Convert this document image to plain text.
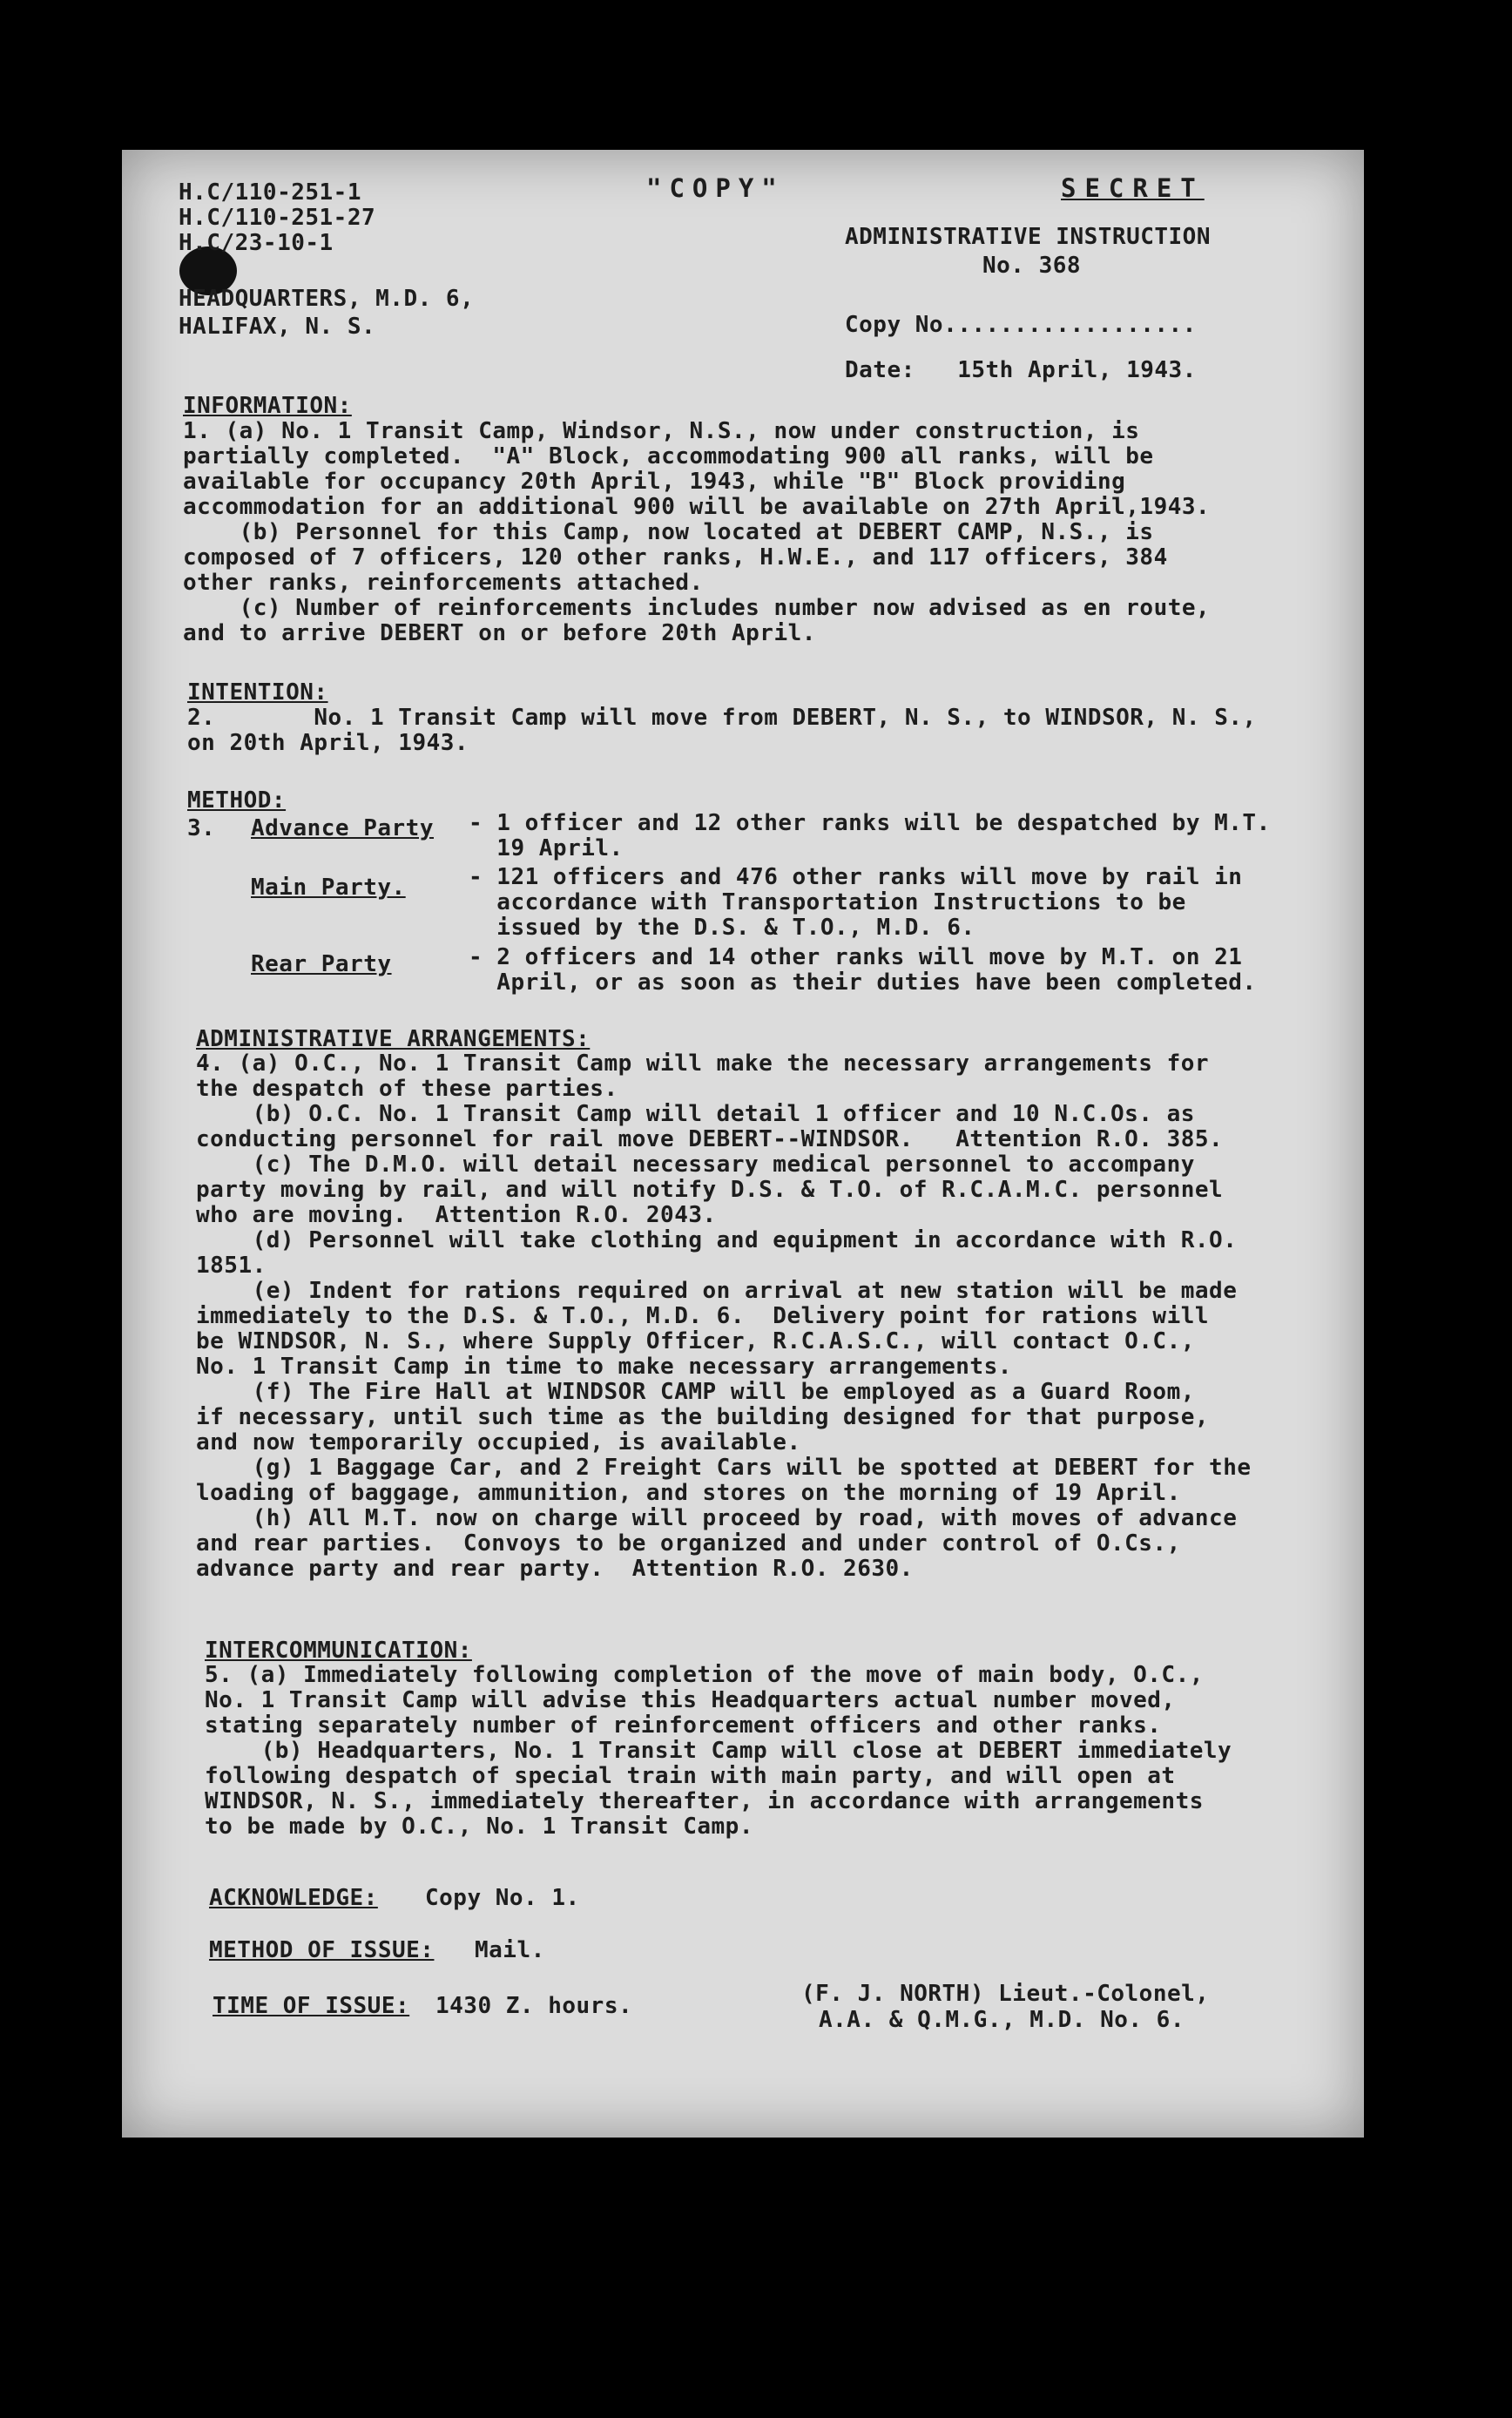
H.C/110-251-1
H.C/110-251-27
H.C/23-10-1
"COPY"	SECRET
ADMINISTRATIVE INSTRUCTION
No. 368
HEADQUARTERS, M.D. 6,
HALIFAX, N. S.	Copy No..................
Date:   15th April, 1943.
INFORMATION:
1. (a) No. 1 Transit Camp, Windsor, N.S., now under construction, is
partially completed.  "A" Block, accommodating 900 all ranks, will be
available for occupancy 20th April, 1943, while "B" Block providing
accommodation for an additional 900 will be available on 27th April,1943.
(b) Personnel for this Camp, now located at DEBERT CAMP, N.S., is
composed of 7 officers, 120 other ranks, H.W.E., and 117 officers, 384
other ranks, reinforcements attached.
(c) Number of reinforcements includes number now advised as en route,
and to arrive DEBERT on or before 20th April.
INTENTION:
2.       No. 1 Transit Camp will move from DEBERT, N. S., to WINDSOR, N. S.,
on 20th April, 1943.
METHOD:
3. Advance Party - 1 officer and 12 other ranks will be despatched by M.T.
19 April.
Main Party.	- 121 officers and 476 other ranks will move by rail in
accordance with Transportation Instructions to be
issued by the D.S. & T.O., M.D. 6.
Rear Party	- 2 officers and 14 other ranks will move by M.T. on 21
April, or as soon as their duties have been completed.
ADMINISTRATIVE ARRANGEMENTS:
4. (a) O.C., No. 1 Transit Camp will make the necessary arrangements for
the despatch of these parties.
(b) O.C. No. 1 Transit Camp will detail 1 officer and 10 N.C.Os. as
conducting personnel for rail move DEBERT--WINDSOR.   Attention R.O. 385.
(c) The D.M.O. will detail necessary medical personnel to accompany
party moving by rail, and will notify D.S. & T.O. of R.C.A.M.C. personnel
who are moving.  Attention R.O. 2043.
(d) Personnel will take clothing and equipment in accordance with R.O.
1851.
(e) Indent for rations required on arrival at new station will be made
immediately to the D.S. & T.O., M.D. 6.  Delivery point for rations will
be WINDSOR, N. S., where Supply Officer, R.C.A.S.C., will contact O.C.,
No. 1 Transit Camp in time to make necessary arrangements.
(f) The Fire Hall at WINDSOR CAMP will be employed as a Guard Room,
if necessary, until such time as the building designed for that purpose,
and now temporarily occupied, is available.
(g) 1 Baggage Car, and 2 Freight Cars will be spotted at DEBERT for the
loading of baggage, ammunition, and stores on the morning of 19 April.
(h) All M.T. now on charge will proceed by road, with moves of advance
and rear parties.  Convoys to be organized and under control of O.Cs.,
advance party and rear party.  Attention R.O. 2630.
INTERCOMMUNICATION:
5. (a) Immediately following completion of the move of main body, O.C.,
No. 1 Transit Camp will advise this Headquarters actual number moved,
stating separately number of reinforcement officers and other ranks.
(b) Headquarters, No. 1 Transit Camp will close at DEBERT immediately
following despatch of special train with main party, and will open at
WINDSOR, N. S., immediately thereafter, in accordance with arrangements
to be made by O.C., No. 1 Transit Camp.
ACKNOWLEDGE: Copy No. 1.
METHOD OF ISSUE: Mail.
TIME OF ISSUE: 1430 Z. hours.	(F. J. NORTH) Lieut.-Colonel,
A.A. & Q.M.G., M.D. No. 6.
